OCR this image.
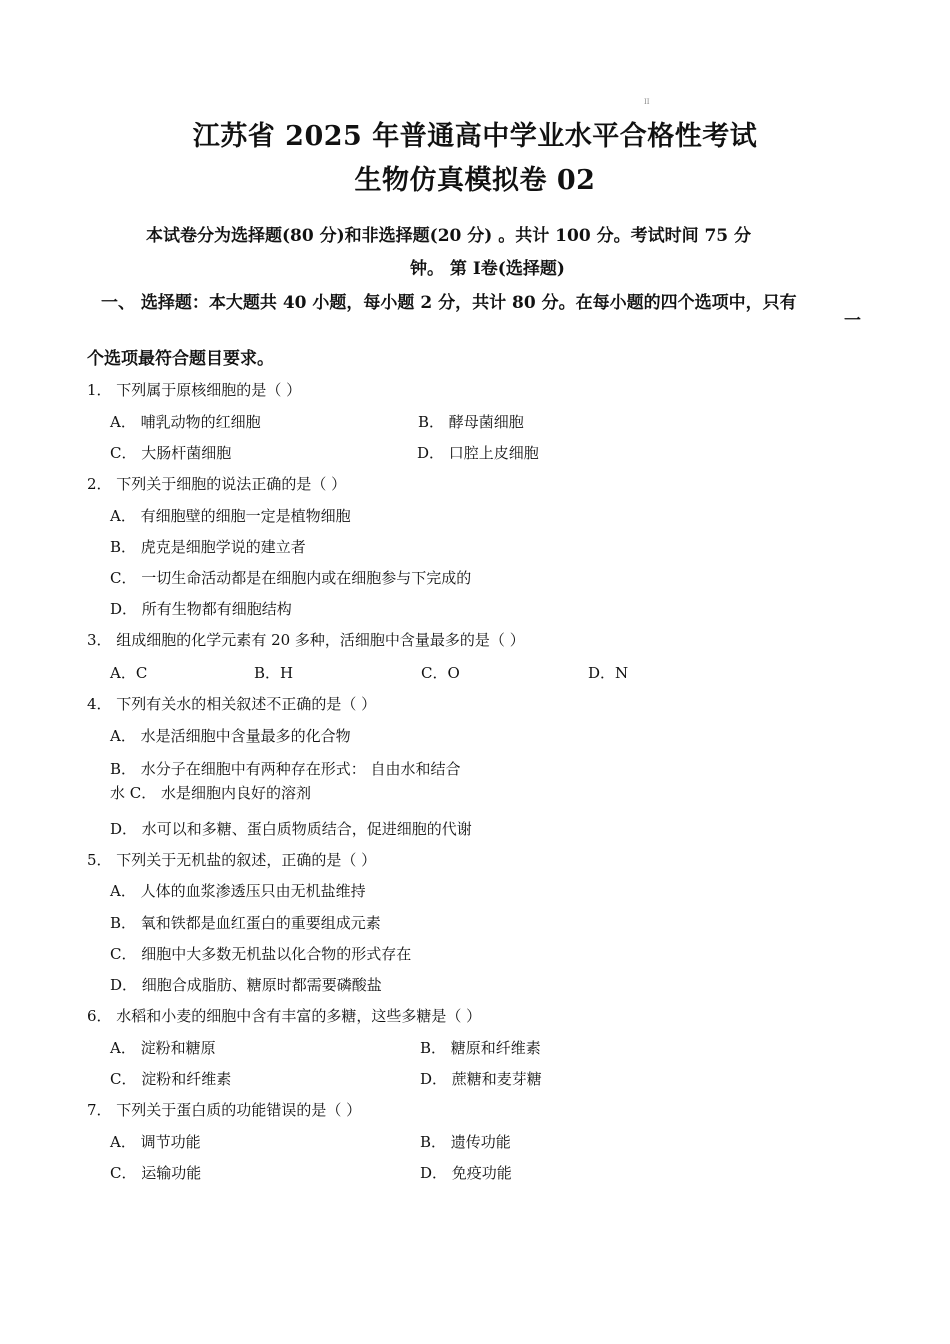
II
江苏省 2025 年普通高中学业水平合格性考试
生物仿真模拟卷 02
本试卷分为选择题(80 分)和非选择题(20 分) 。共计 100 分。考试时间 75 分
钟。 第 Ⅰ卷(选择题)
一、 选择题：本大题共 40 小题，每小题 2 分，共计 80 分。在每小题的四个选项中，只有
一
个选项最符合题目要求。
1． 下列属于原核细胞的是（ ）
A． 哺乳动物的红细胞	B． 酵母菌细胞
C． 大肠杆菌细胞	D． 口腔上皮细胞
2． 下列关于细胞的说法正确的是（ ）
A． 有细胞壁的细胞一定是植物细胞
B． 虎克是细胞学说的建立者
C． 一切生命活动都是在细胞内或在细胞参与下完成的
D． 所有生物都有细胞结构
3． 组成细胞的化学元素有 20 多种，活细胞中含量最多的是（ ）
A．C	B．H	C．O	D．N
4． 下列有关水的相关叙述不正确的是（ ）
A． 水是活细胞中含量最多的化合物
B． 水分子在细胞中有两种存在形式： 自由水和结合
水 C． 水是细胞内良好的溶剂
D． 水可以和多糖、蛋白质物质结合，促进细胞的代谢
5． 下列关于无机盐的叙述，正确的是（ ）
A． 人体的血浆渗透压只由无机盐维持
B． 氧和铁都是血红蛋白的重要组成元素
C． 细胞中大多数无机盐以化合物的形式存在
D． 细胞合成脂肪、糖原时都需要磷酸盐
6． 水稻和小麦的细胞中含有丰富的多糖，这些多糖是（ ）
A． 淀粉和糖原	B． 糖原和纤维素
C． 淀粉和纤维素	D． 蔗糖和麦芽糖
7． 下列关于蛋白质的功能错误的是（ ）
A． 调节功能	B． 遗传功能
C． 运输功能	D． 免疫功能
